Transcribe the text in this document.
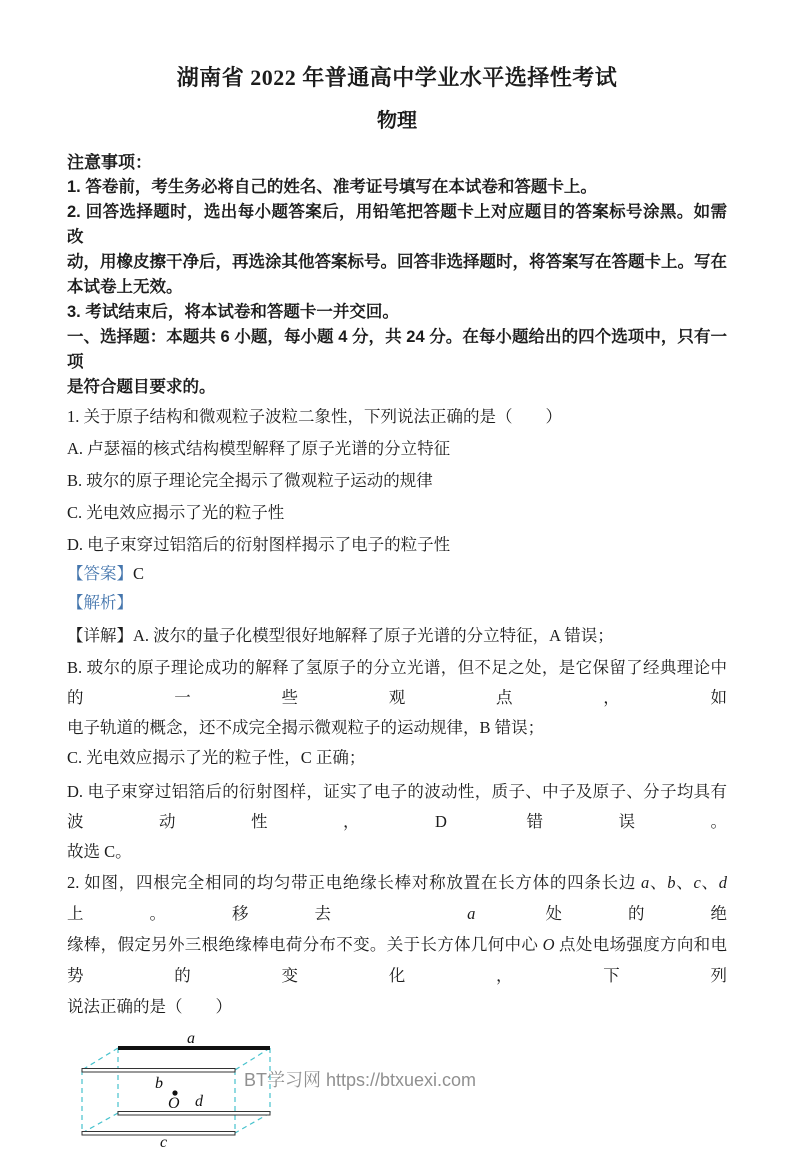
湖南省 2022 年普通高中学业水平选择性考试
物理
注意事项：

1. 答卷前，考生务必将自己的姓名、准考证号填写在本试卷和答题卡上。

2. 回答选择题时，选出每小题答案后，用铅笔把答题卡上对应题目的答案标号涂黑。如需改

动，用橡皮擦干净后，再选涂其他答案标号。回答非选择题时，将答案写在答题卡上。写在

本试卷上无效。

3. 考试结束后，将本试卷和答题卡一并交回。

一、选择题：本题共 6 小题，每小题 4 分，共 24 分。在每小题给出的四个选项中，只有一项

是符合题目要求的。

1. 关于原子结构和微观粒子波粒二象性，下列说法正确的是（　　）

A. 卢瑟福的核式结构模型解释了原子光谱的分立特征

B. 玻尔的原子理论完全揭示了微观粒子运动的规律

C. 光电效应揭示了光的粒子性

D. 电子束穿过铝箔后的衍射图样揭示了电子的粒子性

【答案】C

【解析】

【详解】A. 波尔的量子化模型很好地解释了原子光谱的分立特征，A 错误；

B. 玻尔的原子理论成功的解释了氢原子的分立光谱，但不足之处，是它保留了经典理论中的一些观点，如

电子轨道的概念，还不成完全揭示微观粒子的运动规律，B 错误；

C. 光电效应揭示了光的粒子性，C 正确；

D. 电子束穿过铝箔后的衍射图样，证实了电子的波动性，质子、中子及原子、分子均具有波动性，D 错误。

故选 C。

2. 如图，四根完全相同的均匀带正电绝缘长棒对称放置在长方体的四条长边 a、b、c、d 上。移去 a 处的绝

缘棒，假定另外三根绝缘棒电荷分布不变。关于长方体几何中心 O 点处电场强度方向和电势的变化，下列

说法正确的是（　　）

a
b
O d
c
BT学习网 https://btxuexi.com
